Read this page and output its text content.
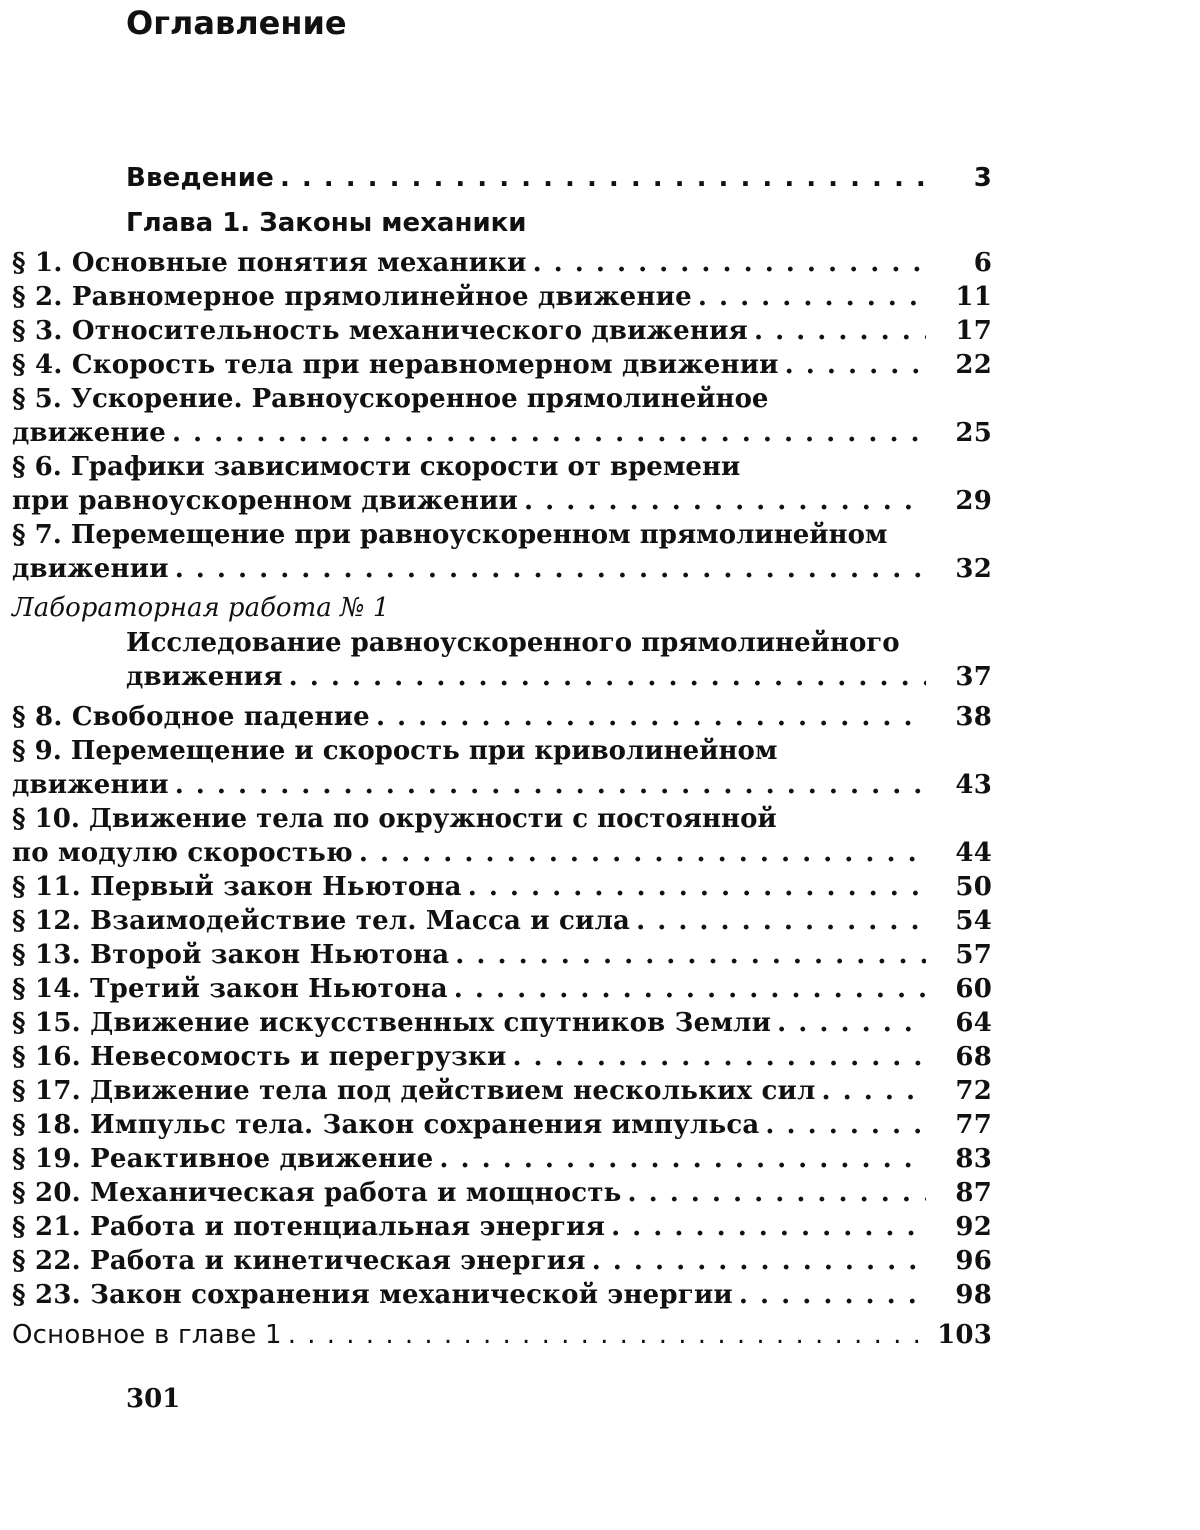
Оглавление
Введение . . .	3
Глава 1. Законы механики
§ 1. Основные понятия механики . . .	6
§ 2. Равномерное прямолинейное движение . . .	11
§ 3. Относительность механического движения . . .	17
§ 4. Скорость тела при неравномерном движении . . .	22
§ 5. Ускорение. Равноускоренное прямолинейное
движение . . .	25
§ 6. Графики зависимости скорости от времени
при равноускоренном движении . . .	29
§ 7. Перемещение при равноускоренном прямолинейном
движении . . .	32
Лабораторная работа № 1
Исследование равноускоренного прямолинейного
движения . . .	37
§ 8. Свободное падение . . .	38
§ 9. Перемещение и скорость при криволинейном
движении . . .	43
§ 10. Движение тела по окружности с постоянной
по модулю скоростью . . .	44
§ 11. Первый закон Ньютона . . .	50
§ 12. Взаимодействие тел. Масса и сила . . .	54
§ 13. Второй закон Ньютона . . .	57
§ 14. Третий закон Ньютона . . .	60
§ 15. Движение искусственных спутников Земли . . .	64
§ 16. Невесомость и перегрузки . . .	68
§ 17. Движение тела под действием нескольких сил . . .	72
§ 18. Импульс тела. Закон сохранения импульса . . .	77
§ 19. Реактивное движение . . .	83
§ 20. Механическая работа и мощность . . .	87
§ 21. Работа и потенциальная энергия . . .	92
§ 22. Работа и кинетическая энергия . . .	96
§ 23. Закон сохранения механической энергии . . .	98
Основное в главе 1 . . .	103
301
